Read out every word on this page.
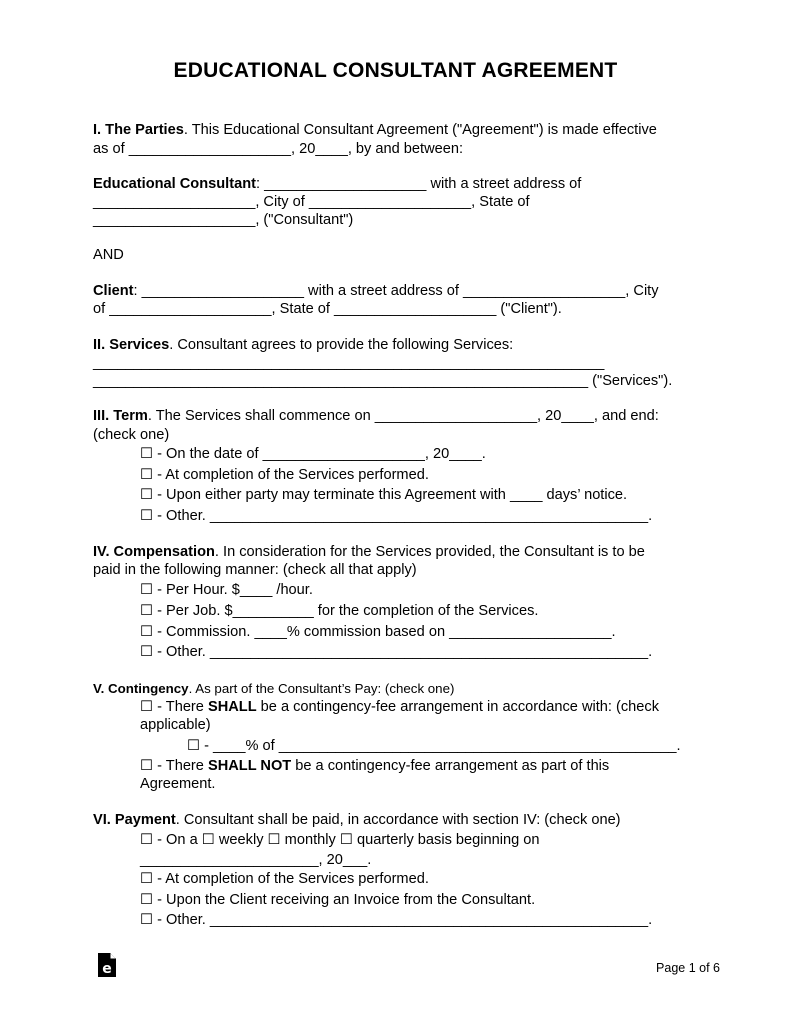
EDUCATIONAL CONSULTANT AGREEMENT
I. The Parties. This Educational Consultant Agreement ("Agreement") is made effective
as of ____________________, 20____, by and between:
Educational Consultant: ____________________ with a street address of
____________________, City of ____________________, State of
____________________, ("Consultant")
AND
Client: ____________________ with a street address of ____________________, City
of ____________________, State of ____________________ ("Client").
II. Services. Consultant agrees to provide the following Services:
_______________________________________________________________
_____________________________________________________________ ("Services").
III. Term. The Services shall commence on ____________________, 20____, and end:
(check one)
☐ - On the date of ____________________, 20____.
☐ - At completion of the Services performed.
☐ - Upon either party may terminate this Agreement with ____ days’ notice.
☐ - Other. ______________________________________________________.
IV. Compensation. In consideration for the Services provided, the Consultant is to be
paid in the following manner: (check all that apply)
☐ - Per Hour. $____ /hour.
☐ - Per Job. $__________ for the completion of the Services.
☐ - Commission. ____% commission based on ____________________.
☐ - Other. ______________________________________________________.
V. Contingency. As part of the Consultant’s Pay: (check one)
☐ - There SHALL be a contingency-fee arrangement in accordance with: (check
applicable)
☐ - ____% of _________________________________________________.
☐ - There SHALL NOT be a contingency-fee arrangement as part of this
Agreement.
VI. Payment. Consultant shall be paid, in accordance with section IV: (check one)
☐ - On a ☐ weekly ☐ monthly ☐ quarterly basis beginning on
______________________, 20___.
☐ - At completion of the Services performed.
☐ - Upon the Client receiving an Invoice from the Consultant.
☐ - Other. ______________________________________________________.
e	Page 1 of 6
